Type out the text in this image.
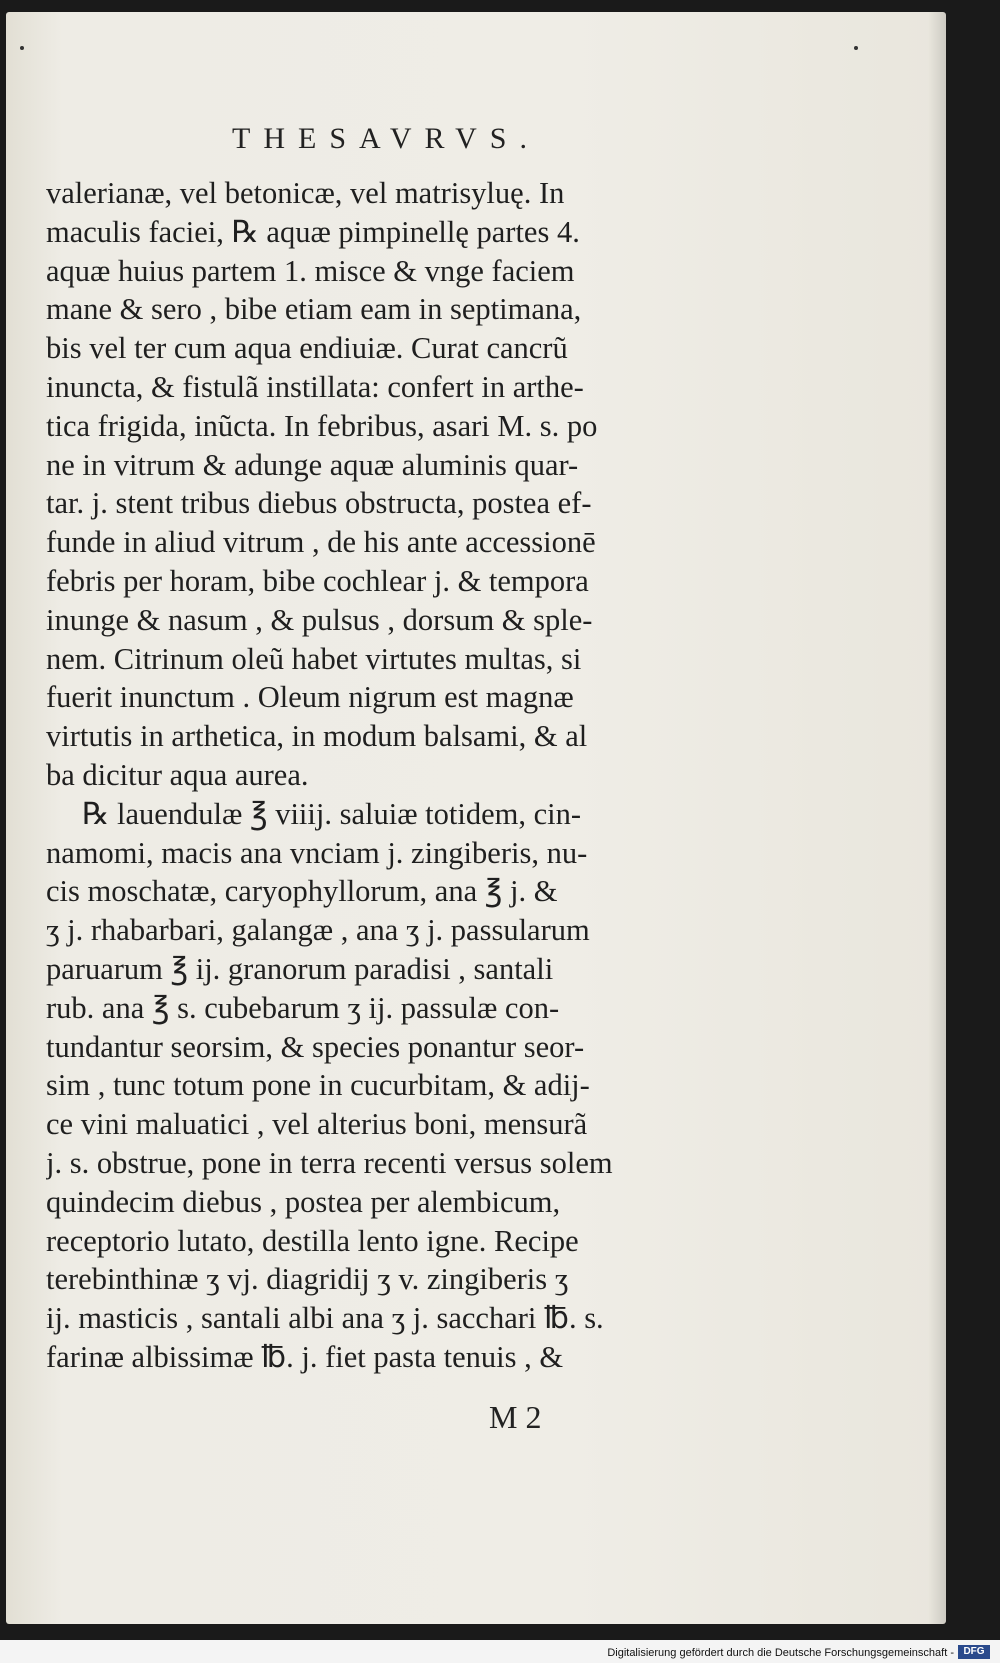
THESAVRVS.
valerianæ, vel betonicæ, vel matrisyluę. In
maculis faciei, ℞ aquæ pimpinellę partes 4.
aquæ huius partem 1. misce & vnge faciem
mane & sero , bibe etiam eam in septimana,
bis vel ter cum aqua endiuiæ. Curat cancrũ
inuncta, & fistulã instillata: confert in arthe-
tica frigida, inũcta. In febribus, asari M. s. po
ne in vitrum & adunge aquæ aluminis quar-
tar. j. stent tribus diebus obstructa, postea ef-
funde in aliud vitrum , de his ante accessionē
febris per horam, bibe cochlear j. & tempora
inunge & nasum , & pulsus , dorsum & sple-
nem. Citrinum oleũ habet virtutes multas, si
fuerit inunctum . Oleum nigrum est magnæ
virtutis in arthetica, in modum balsami, & al
ba dicitur aqua aurea.
℞ lauendulæ ℥ viiij. saluiæ totidem, cin-
namomi, macis ana vnciam j. zingiberis, nu-
cis moschatæ, caryophyllorum, ana ℥ j. &
ʒ j. rhabarbari, galangæ , ana ʒ j. passularum
paruarum ℥ ij. granorum paradisi , santali
rub. ana ℥ s. cubebarum ʒ ij. passulæ con-
tundantur seorsim, & species ponantur seor-
sim , tunc totum pone in cucurbitam, & adij-
ce vini maluatici , vel alterius boni, mensurã
j. s. obstrue, pone in terra recenti versus solem
quindecim diebus , postea per alembicum,
receptorio lutato, destilla lento igne. Recipe
terebinthinæ ʒ vj. diagridij ʒ v. zingiberis ʒ
ij. masticis , santali albi ana ʒ j. sacchari ℔. s.
farinæ albissimæ ℔. j. fiet pasta tenuis , &
M 2
Digitalisierung gefördert durch die Deutsche Forschungsgemeinschaft - DFG
